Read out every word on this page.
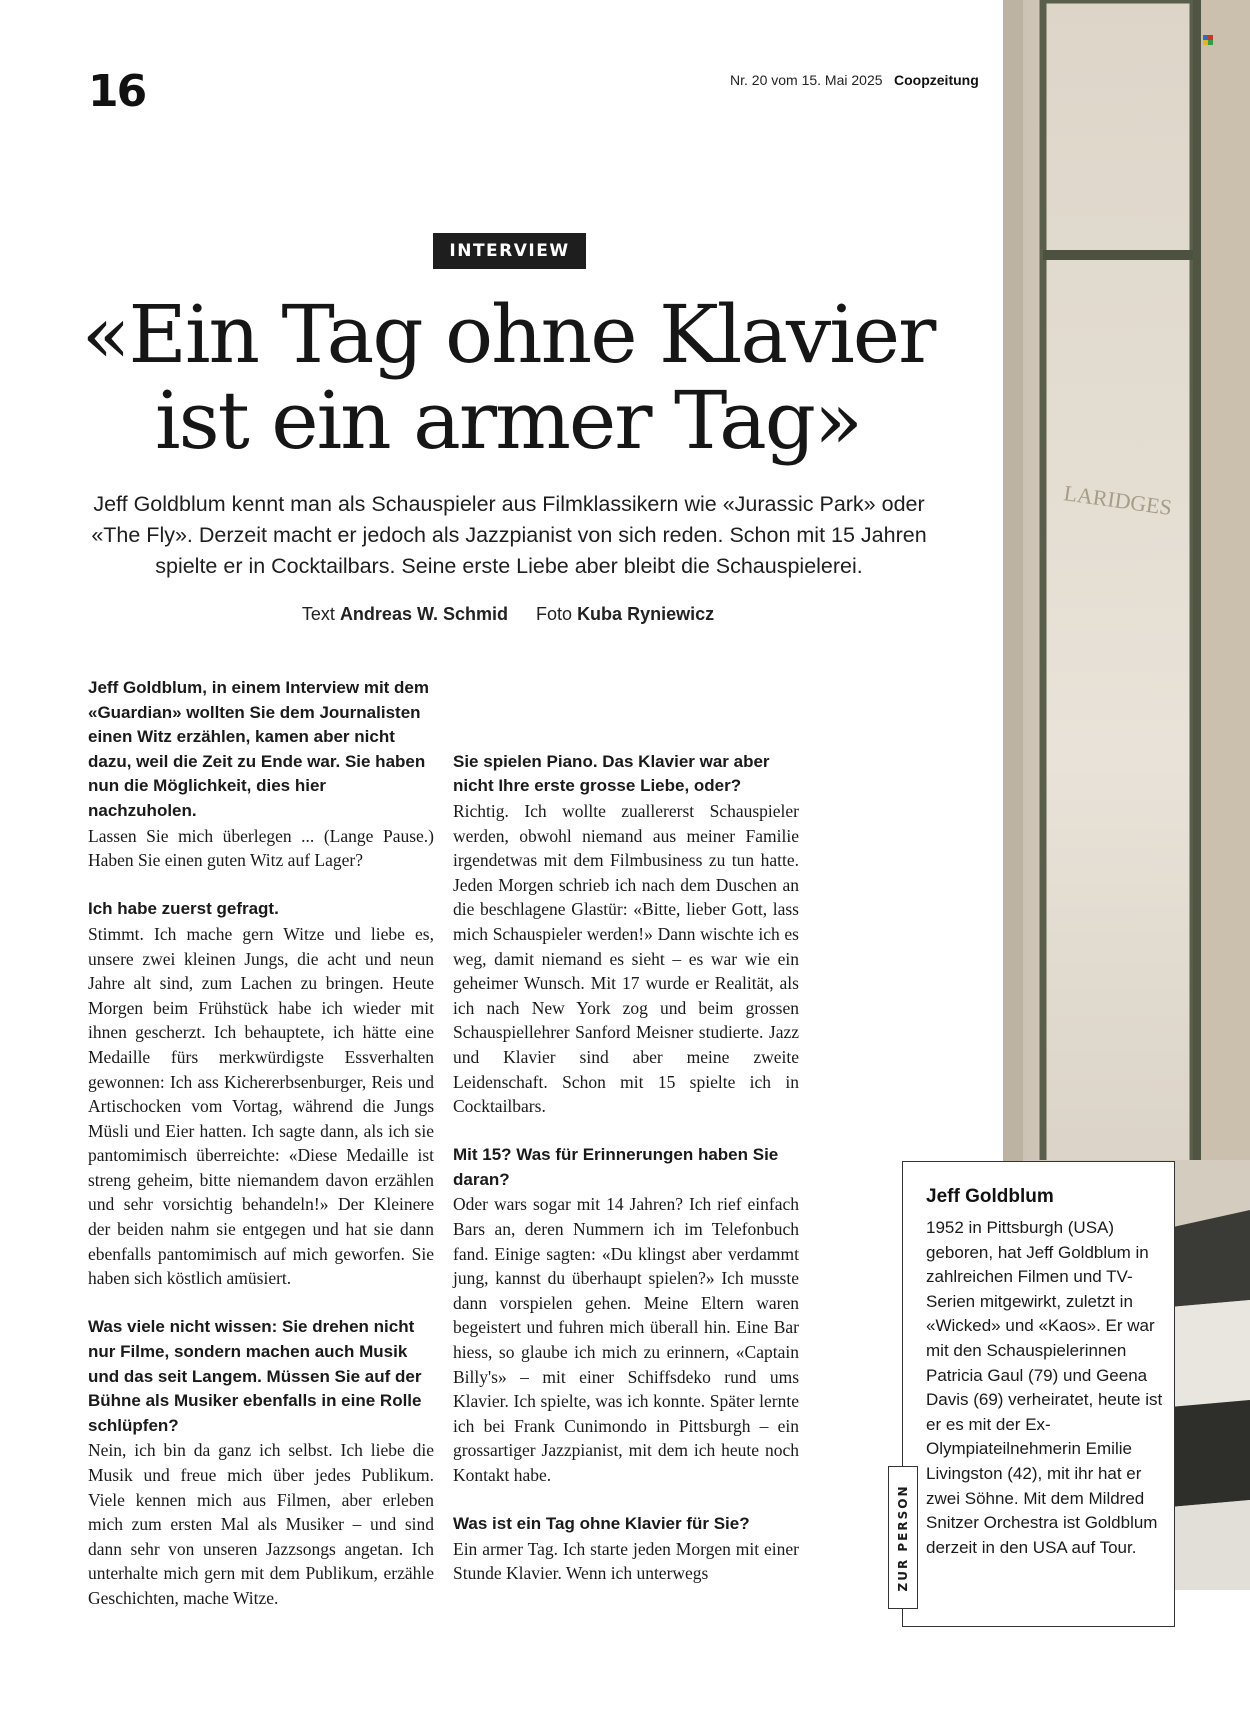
16	Nr. 20 vom 15. Mai 2025 Coopzeitung
LARIDGES
INTERVIEW
«Ein Tag ohne Klavier
ist ein armer Tag»

Jeff Goldblum kennt man als Schauspieler aus Filmklassikern wie «Jurassic Park» oder «The Fly». Derzeit macht er jedoch als Jazzpianist von sich reden. Schon mit 15 Jahren spielte er in Cocktailbars. Seine erste Liebe aber bleibt die Schauspielerei.

Text Andreas W. Schmid Foto Kuba Ryniewicz

Jeff Goldblum, in einem Interview mit dem «Guardian» wollten Sie dem Journalisten einen Witz erzählen, kamen aber nicht dazu, weil die Zeit zu Ende war. Sie haben nun die Möglichkeit, dies hier nachzuholen.

Lassen Sie mich überlegen ... (Lange Pause.) Haben Sie einen guten Witz auf Lager?

Ich habe zuerst gefragt.

Stimmt. Ich mache gern Witze und liebe es, unsere zwei kleinen Jungs, die acht und neun Jahre alt sind, zum Lachen zu bringen. Heute Morgen beim Frühstück habe ich wieder mit ihnen gescherzt. Ich behauptete, ich hätte eine Medaille fürs merkwürdigste Essverhalten gewonnen: Ich ass Kichererbsenburger, Reis und Artischocken vom Vortag, während die Jungs Müsli und Eier hatten. Ich sagte dann, als ich sie pantomimisch überreichte: «Diese Medaille ist streng geheim, bitte niemandem davon erzählen und sehr vorsichtig behandeln!» Der Kleinere der beiden nahm sie entgegen und hat sie dann ebenfalls pantomimisch auf mich geworfen. Sie haben sich köstlich amüsiert.

Was viele nicht wissen: Sie drehen nicht nur Filme, sondern machen auch Musik und das seit Langem. Müssen Sie auf der Bühne als Musiker ebenfalls in eine Rolle schlüpfen?

Nein, ich bin da ganz ich selbst. Ich liebe die Musik und freue mich über jedes Publikum. Viele kennen mich aus Filmen, aber erleben mich zum ersten Mal als Musiker – und sind dann sehr von unseren Jazzsongs angetan. Ich unterhalte mich gern mit dem Publikum, erzähle Geschichten, mache Witze.

Sie spielen Piano. Das Klavier war aber nicht Ihre erste grosse Liebe, oder?

Richtig. Ich wollte zuallererst Schauspieler werden, obwohl niemand aus meiner Familie irgendetwas mit dem Filmbusiness zu tun hatte. Jeden Morgen schrieb ich nach dem Duschen an die beschlagene Glastür: «Bitte, lieber Gott, lass mich Schauspieler werden!» Dann wischte ich es weg, damit niemand es sieht – es war wie ein geheimer Wunsch. Mit 17 wurde er Realität, als ich nach New York zog und beim grossen Schauspiellehrer Sanford Meisner studierte. Jazz und Klavier sind aber meine zweite Leidenschaft. Schon mit 15 spielte ich in Cocktailbars.

Mit 15? Was für Erinnerungen haben Sie daran?

Oder wars sogar mit 14 Jahren? Ich rief einfach Bars an, deren Nummern ich im Telefonbuch fand. Einige sagten: «Du klingst aber verdammt jung, kannst du überhaupt spielen?» Ich musste dann vorspielen gehen. Meine Eltern waren begeistert und fuhren mich überall hin. Eine Bar hiess, so glaube ich mich zu erinnern, «Captain Billy's» – mit einer Schiffsdeko rund ums Klavier. Ich spielte, was ich konnte. Später lernte ich bei Frank Cunimondo in Pittsburgh – ein grossartiger Jazzpianist, mit dem ich heute noch Kontakt habe.

Was ist ein Tag ohne Klavier für Sie?

Ein armer Tag. Ich starte jeden Morgen mit einer Stunde Klavier. Wenn ich unterwegs

Jeff Goldblum

1952 in Pittsburgh (USA) geboren, hat Jeff Goldblum in zahlreichen Filmen und TV-Serien mitgewirkt, zuletzt in «Wicked» und «Kaos». Er war mit den Schauspielerinnen Patricia Gaul (79) und Geena Davis (69) verheiratet, heute ist er es mit der Ex-Olympiateilnehmerin Emilie Livingston (42), mit ihr hat er zwei Söhne. Mit dem Mildred Snitzer Orchestra ist Goldblum derzeit in den USA auf Tour.

ZUR PERSON
